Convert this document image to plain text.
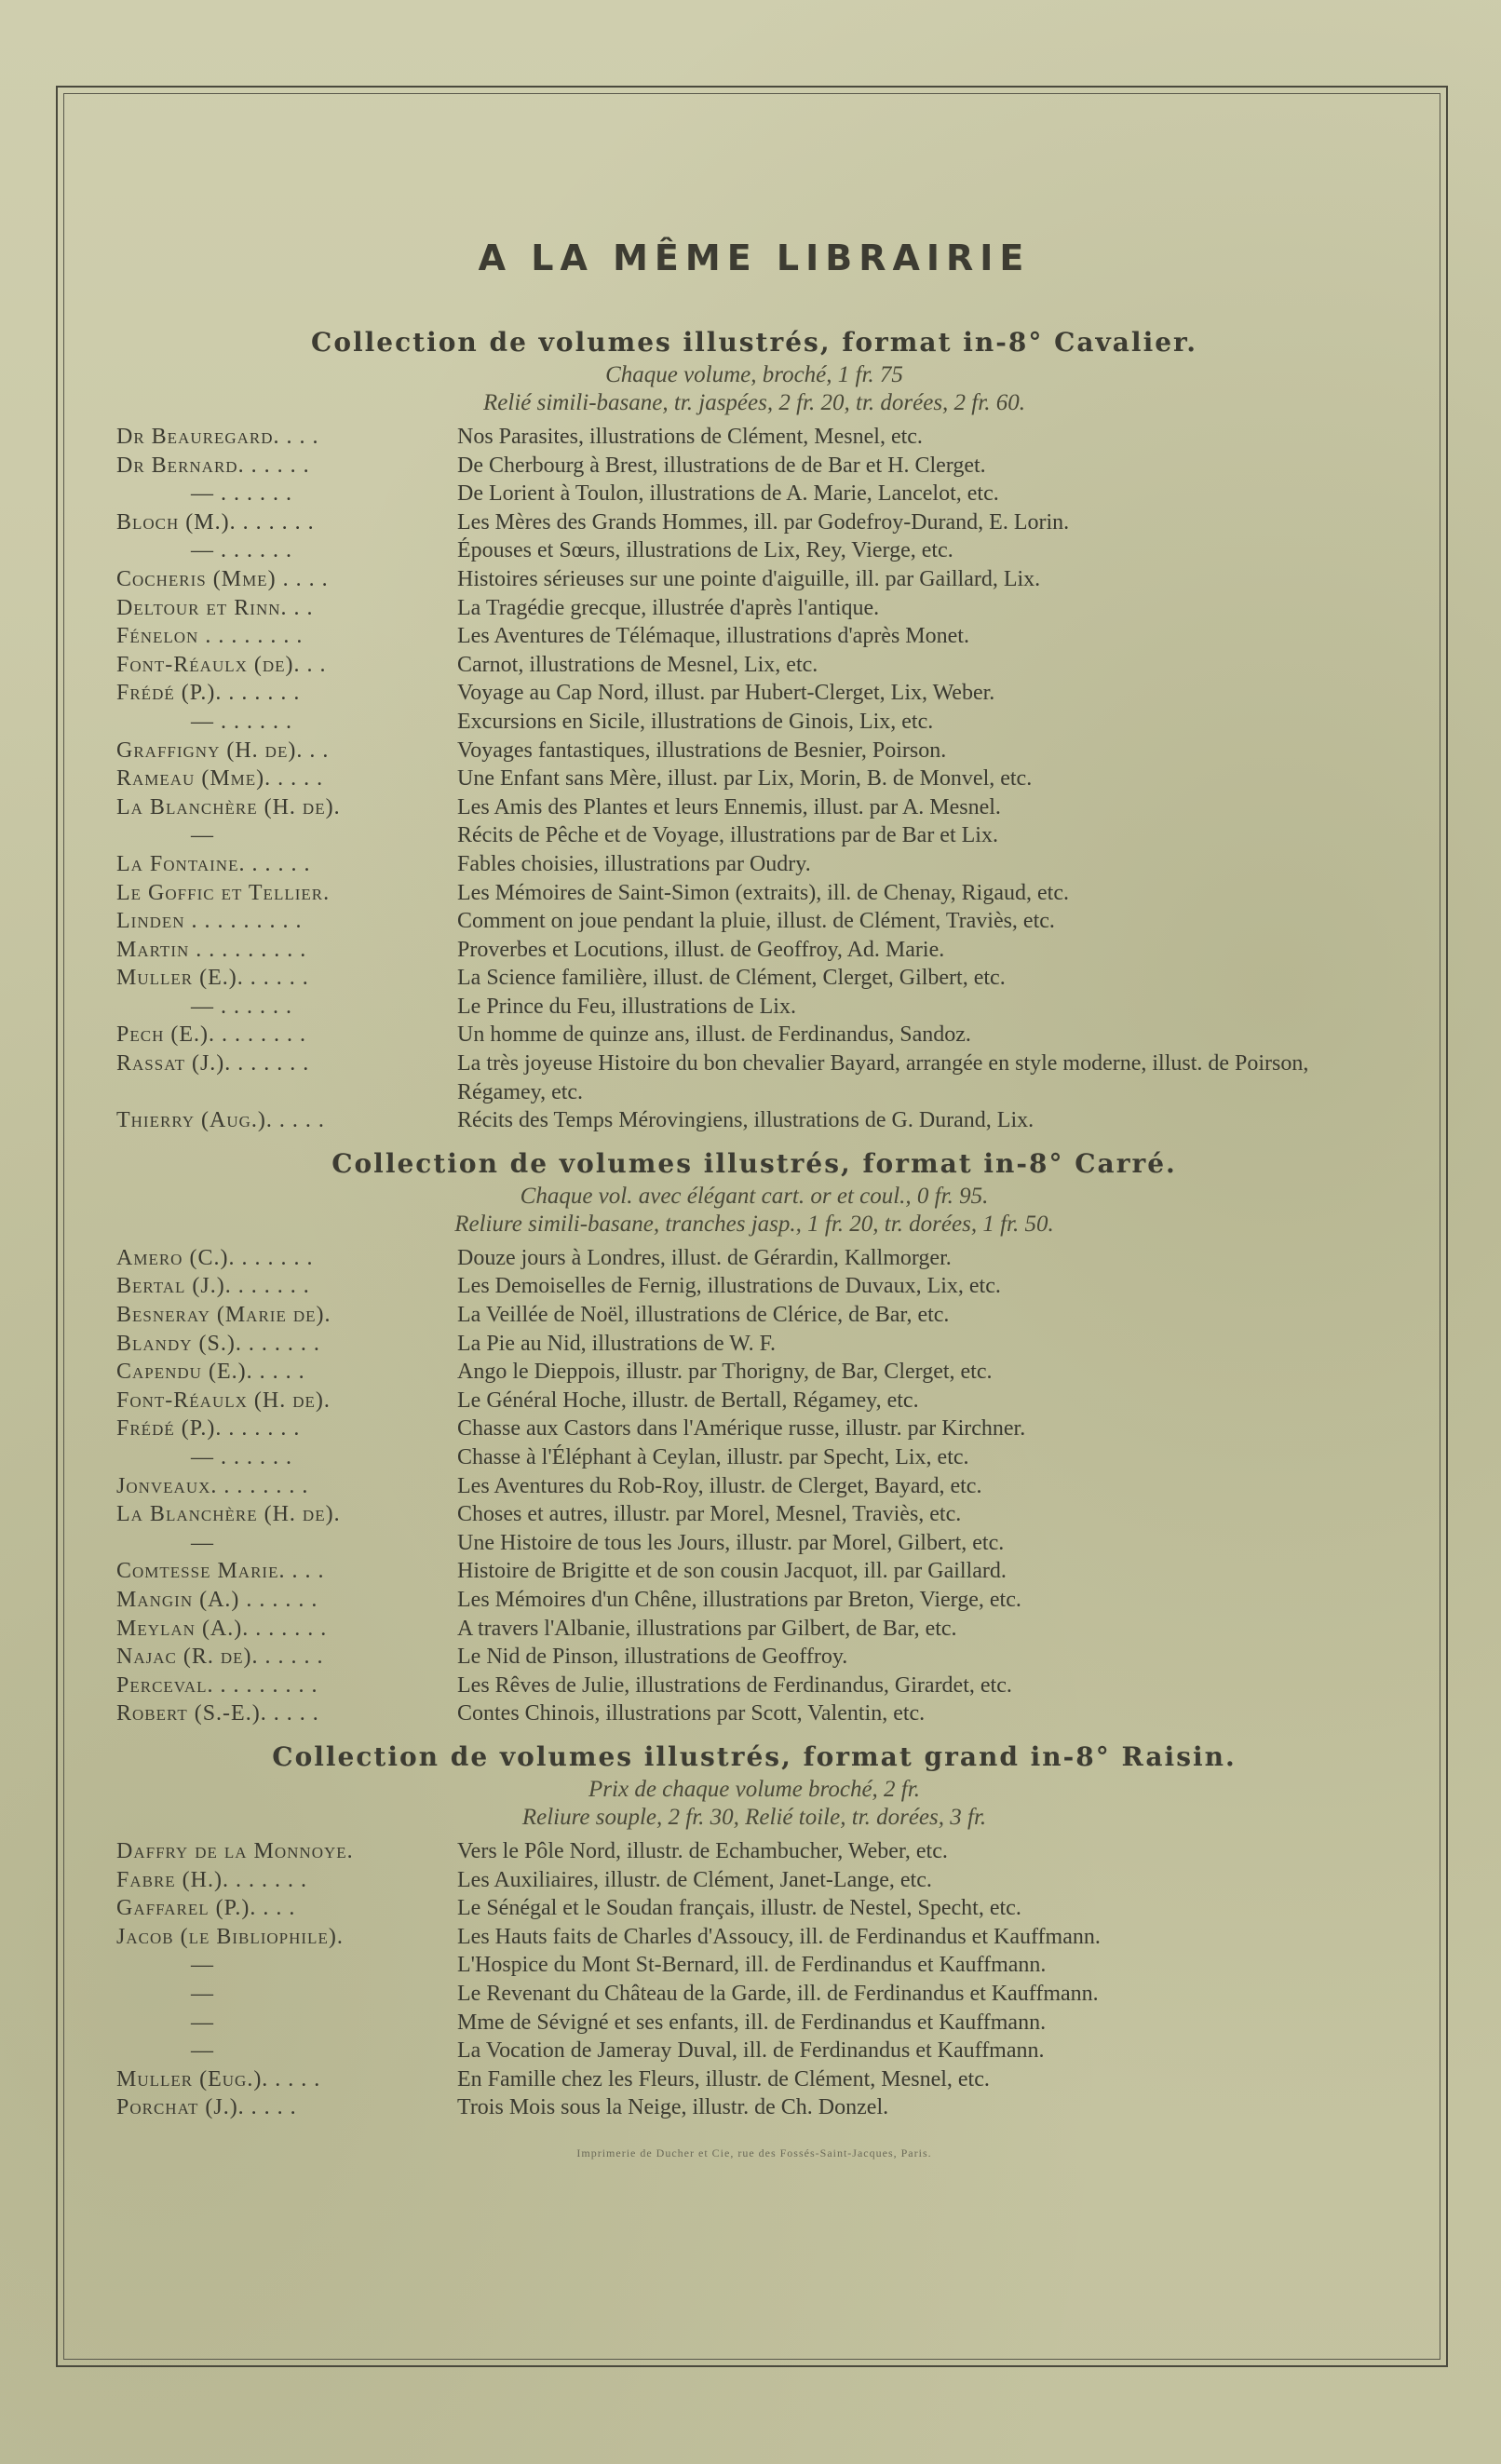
A LA MÊME LIBRAIRIE
Collection de volumes illustrés, format in-8° Cavalier.
Chaque volume, broché, 1 fr. 75
Relié simili-basane, tr. jaspées, 2 fr. 20, tr. dorées, 2 fr. 60.
Dr Beauregard. . . .	Nos Parasites, illustrations de Clément, Mesnel, etc.
Dr Bernard. . . . . .	De Cherbourg à Brest, illustrations de de Bar et H. Clerget.
— . . . . . .	De Lorient à Toulon, illustrations de A. Marie, Lancelot, etc.
Bloch (M.). . . . . . .	Les Mères des Grands Hommes, ill. par Godefroy-Durand, E. Lorin.
— . . . . . .	Épouses et Sœurs, illustrations de Lix, Rey, Vierge, etc.
Cocheris (Mme) . . . .	Histoires sérieuses sur une pointe d'aiguille, ill. par Gaillard, Lix.
Deltour et Rinn. . .	La Tragédie grecque, illustrée d'après l'antique.
Fénelon . . . . . . . .	Les Aventures de Télémaque, illustrations d'après Monet.
Font-Réaulx (de). . .	Carnot, illustrations de Mesnel, Lix, etc.
Frédé (P.). . . . . . .	Voyage au Cap Nord, illust. par Hubert-Clerget, Lix, Weber.
— . . . . . .	Excursions en Sicile, illustrations de Ginois, Lix, etc.
Graffigny (H. de). . .	Voyages fantastiques, illustrations de Besnier, Poirson.
Rameau (Mme). . . . .	Une Enfant sans Mère, illust. par Lix, Morin, B. de Monvel, etc.
La Blanchère (H. de).	Les Amis des Plantes et leurs Ennemis, illust. par A. Mesnel.
—	Récits de Pêche et de Voyage, illustrations par de Bar et Lix.
La Fontaine. . . . . .	Fables choisies, illustrations par Oudry.
Le Goffic et Tellier.	Les Mémoires de Saint-Simon (extraits), ill. de Chenay, Rigaud, etc.
Linden . . . . . . . . .	Comment on joue pendant la pluie, illust. de Clément, Traviès, etc.
Martin . . . . . . . . .	Proverbes et Locutions, illust. de Geoffroy, Ad. Marie.
Muller (E.). . . . . .	La Science familière, illust. de Clément, Clerget, Gilbert, etc.
— . . . . . .	Le Prince du Feu, illustrations de Lix.
Pech (E.). . . . . . . .	Un homme de quinze ans, illust. de Ferdinandus, Sandoz.
Rassat (J.). . . . . . .	La très joyeuse Histoire du bon chevalier Bayard, arrangée en style moderne, illust. de Poirson, Régamey, etc.
Thierry (Aug.). . . . .	Récits des Temps Mérovingiens, illustrations de G. Durand, Lix.
Collection de volumes illustrés, format in-8° Carré.
Chaque vol. avec élégant cart. or et coul., 0 fr. 95.
Reliure simili-basane, tranches jasp., 1 fr. 20, tr. dorées, 1 fr. 50.
Amero (C.). . . . . . .	Douze jours à Londres, illust. de Gérardin, Kallmorger.
Bertal (J.). . . . . . .	Les Demoiselles de Fernig, illustrations de Duvaux, Lix, etc.
Besneray (Marie de).	La Veillée de Noël, illustrations de Clérice, de Bar, etc.
Blandy (S.). . . . . . .	La Pie au Nid, illustrations de W. F.
Capendu (E.). . . . .	Ango le Dieppois, illustr. par Thorigny, de Bar, Clerget, etc.
Font-Réaulx (H. de).	Le Général Hoche, illustr. de Bertall, Régamey, etc.
Frédé (P.). . . . . . .	Chasse aux Castors dans l'Amérique russe, illustr. par Kirchner.
— . . . . . .	Chasse à l'Éléphant à Ceylan, illustr. par Specht, Lix, etc.
Jonveaux. . . . . . . .	Les Aventures du Rob-Roy, illustr. de Clerget, Bayard, etc.
La Blanchère (H. de).	Choses et autres, illustr. par Morel, Mesnel, Traviès, etc.
—	Une Histoire de tous les Jours, illustr. par Morel, Gilbert, etc.
Comtesse Marie. . . .	Histoire de Brigitte et de son cousin Jacquot, ill. par Gaillard.
Mangin (A.) . . . . . .	Les Mémoires d'un Chêne, illustrations par Breton, Vierge, etc.
Meylan (A.). . . . . . .	A travers l'Albanie, illustrations par Gilbert, de Bar, etc.
Najac (R. de). . . . . .	Le Nid de Pinson, illustrations de Geoffroy.
Perceval. . . . . . . . .	Les Rêves de Julie, illustrations de Ferdinandus, Girardet, etc.
Robert (S.-E.). . . . .	Contes Chinois, illustrations par Scott, Valentin, etc.
Collection de volumes illustrés, format grand in-8° Raisin.
Prix de chaque volume broché, 2 fr.
Reliure souple, 2 fr. 30, Relié toile, tr. dorées, 3 fr.
Daffry de la Monnoye.	Vers le Pôle Nord, illustr. de Echambucher, Weber, etc.
Fabre (H.). . . . . . .	Les Auxiliaires, illustr. de Clément, Janet-Lange, etc.
Gaffarel (P.). . . .	Le Sénégal et le Soudan français, illustr. de Nestel, Specht, etc.
Jacob (le Bibliophile).	Les Hauts faits de Charles d'Assoucy, ill. de Ferdinandus et Kauffmann.
—	L'Hospice du Mont St-Bernard, ill. de Ferdinandus et Kauffmann.
—	Le Revenant du Château de la Garde, ill. de Ferdinandus et Kauffmann.
—	Mme de Sévigné et ses enfants, ill. de Ferdinandus et Kauffmann.
—	La Vocation de Jameray Duval, ill. de Ferdinandus et Kauffmann.
Muller (Eug.). . . . .	En Famille chez les Fleurs, illustr. de Clément, Mesnel, etc.
Porchat (J.). . . . .	Trois Mois sous la Neige, illustr. de Ch. Donzel.
Imprimerie de Ducher et Cie, rue des Fossés-Saint-Jacques, Paris.
